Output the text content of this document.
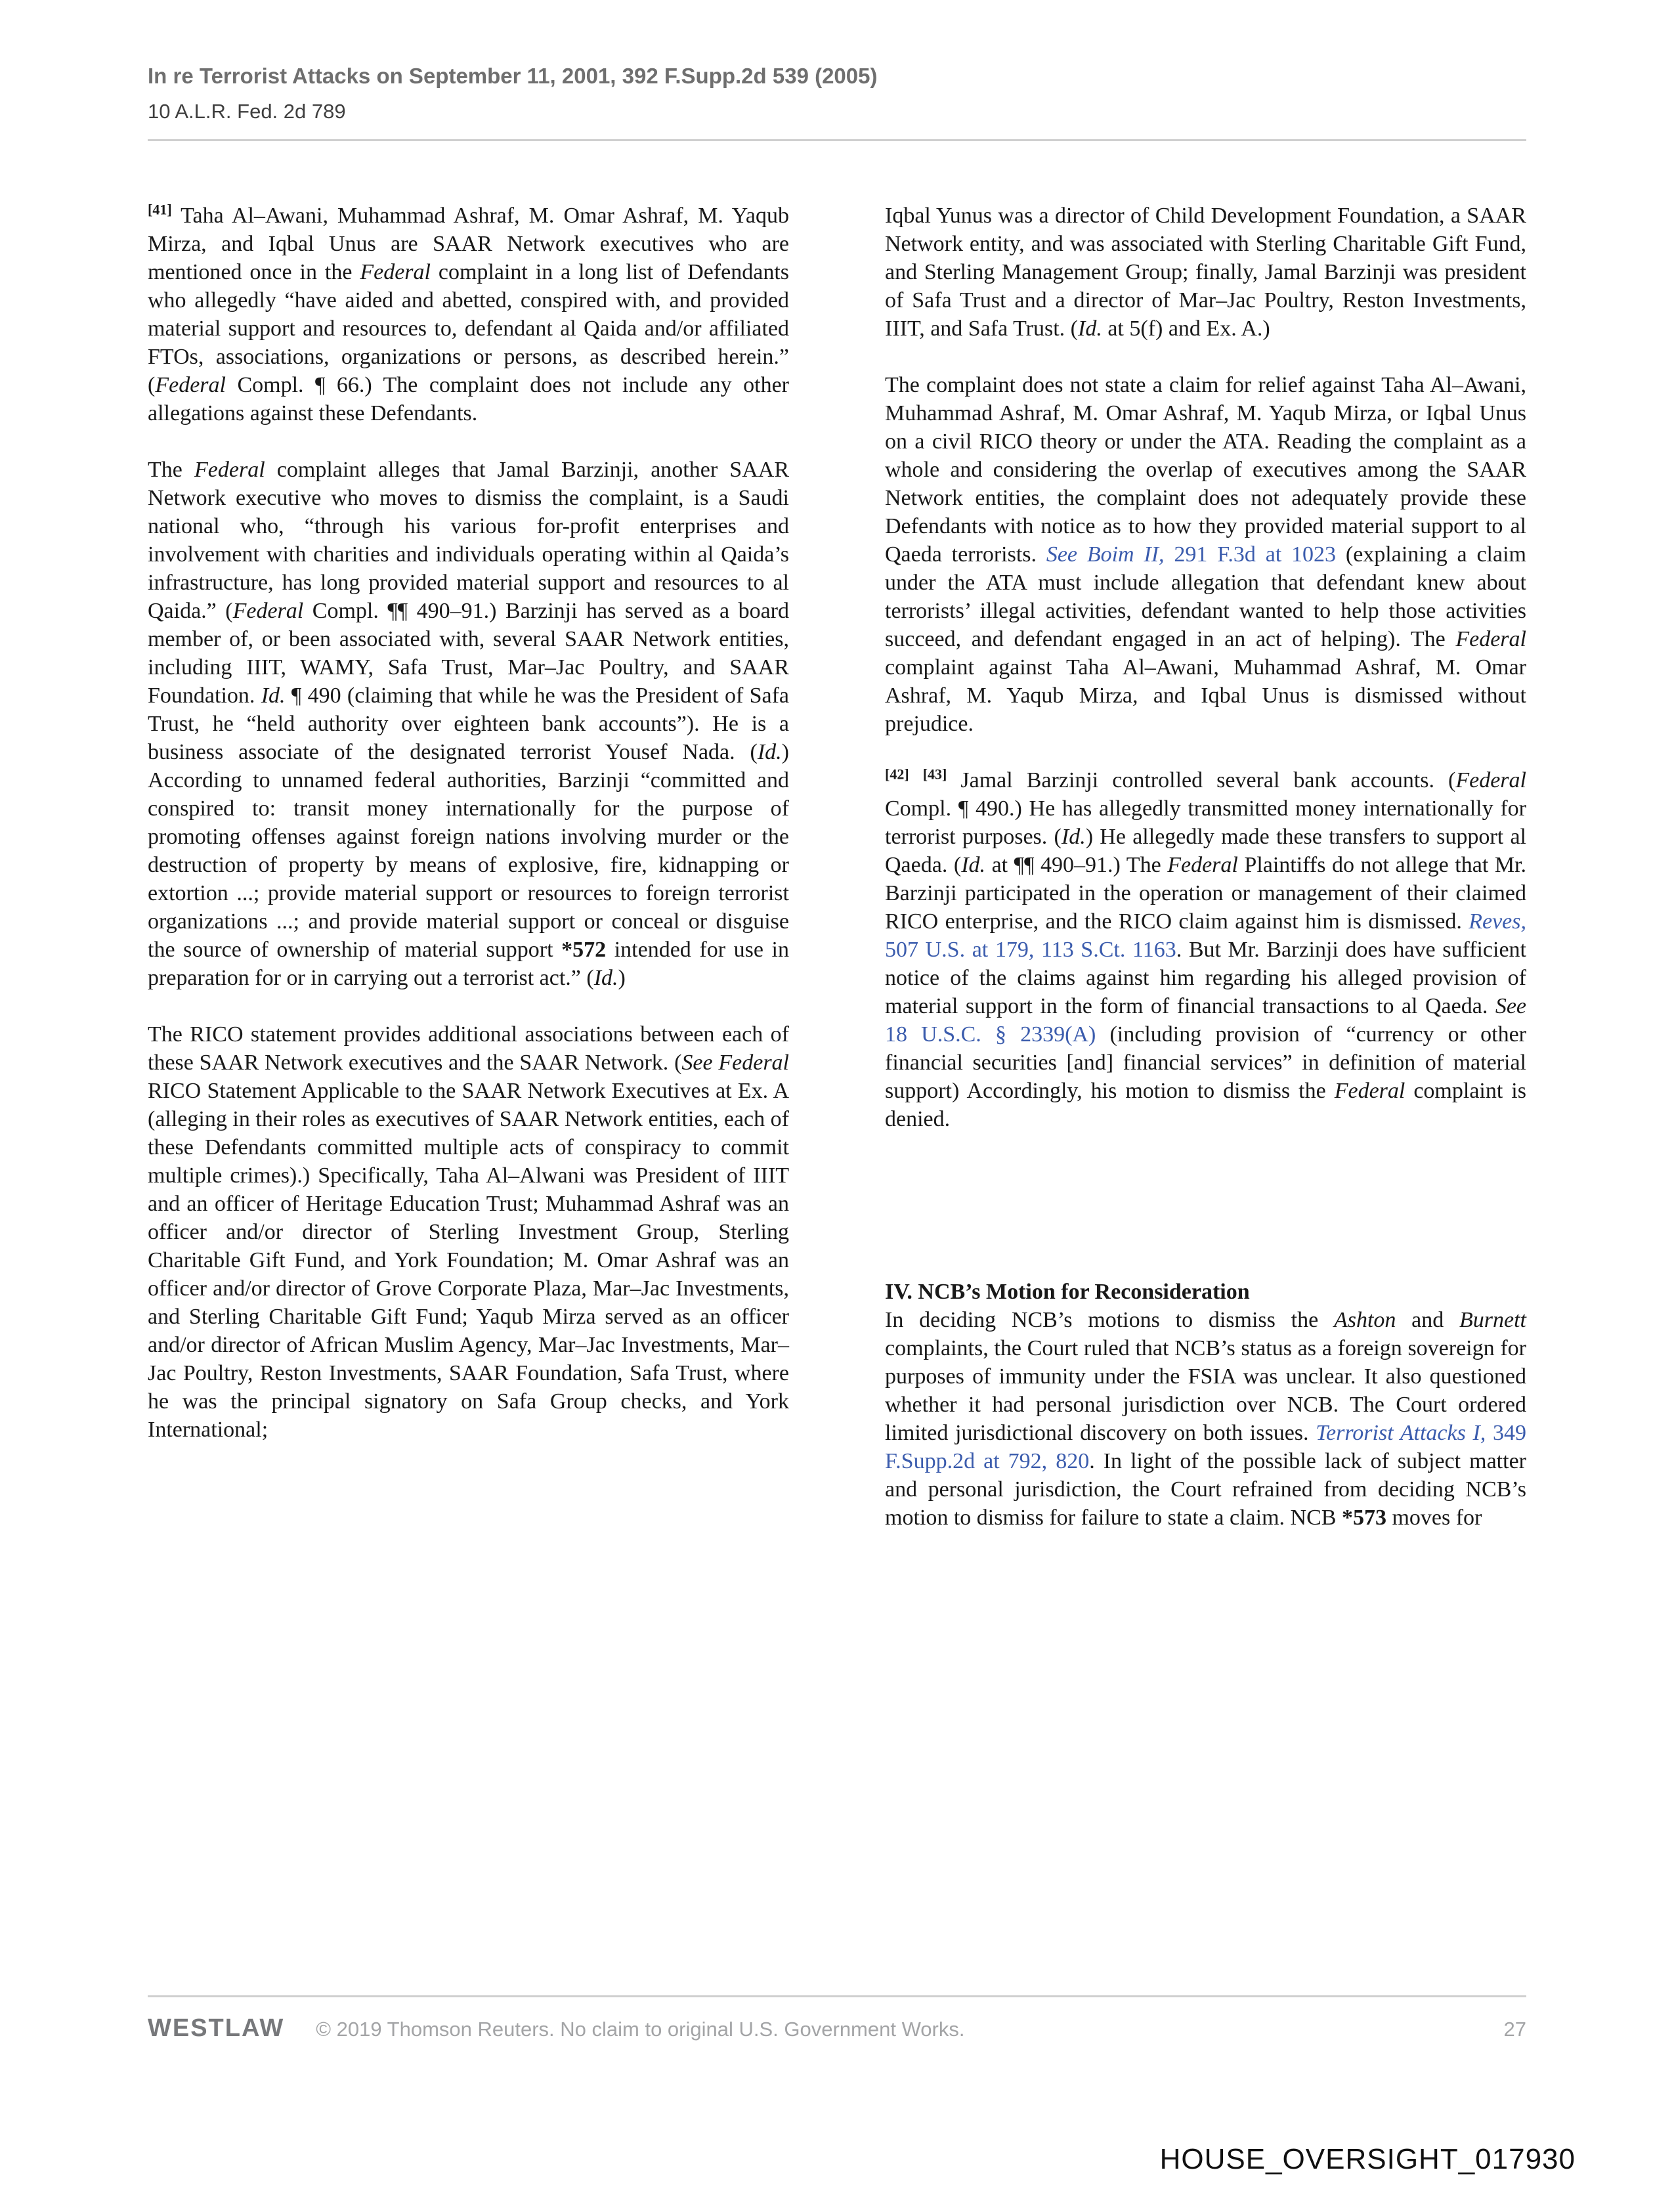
In re Terrorist Attacks on September 11, 2001, 392 F.Supp.2d 539 (2005)
10 A.L.R. Fed. 2d 789

[41] Taha Al–Awani, Muhammad Ashraf, M. Omar Ashraf, M. Yaqub Mirza, and Iqbal Unus are SAAR Network executives who are mentioned once in the Federal complaint in a long list of Defendants who allegedly “have aided and abetted, conspired with, and provided material support and resources to, defendant al Qaida and/or affiliated FTOs, associations, organizations or persons, as described herein.” (Federal Compl. ¶ 66.) The complaint does not include any other allegations against these Defendants.

The Federal complaint alleges that Jamal Barzinji, another SAAR Network executive who moves to dismiss the complaint, is a Saudi national who, “through his various for-profit enterprises and involvement with charities and individuals operating within al Qaida’s infrastructure, has long provided material support and resources to al Qaida.” (Federal Compl. ¶¶ 490–91.) Barzinji has served as a board member of, or been associated with, several SAAR Network entities, including IIIT, WAMY, Safa Trust, Mar–Jac Poultry, and SAAR Foundation. Id. ¶ 490 (claiming that while he was the President of Safa Trust, he “held authority over eighteen bank accounts”). He is a business associate of the designated terrorist Yousef Nada. (Id.) According to unnamed federal authorities, Barzinji “committed and conspired to: transit money internationally for the purpose of promoting offenses against foreign nations involving murder or the destruction of property by means of explosive, fire, kidnapping or extortion ...; provide material support or resources to foreign terrorist organizations ...; and provide material support or conceal or disguise the source of ownership of material support *572 intended for use in preparation for or in carrying out a terrorist act.” (Id.)

The RICO statement provides additional associations between each of these SAAR Network executives and the SAAR Network. (See Federal RICO Statement Applicable to the SAAR Network Executives at Ex. A (alleging in their roles as executives of SAAR Network entities, each of these Defendants committed multiple acts of conspiracy to commit multiple crimes).) Specifically, Taha Al–Alwani was President of IIIT and an officer of Heritage Education Trust; Muhammad Ashraf was an officer and/or director of Sterling Investment Group, Sterling Charitable Gift Fund, and York Foundation; M. Omar Ashraf was an officer and/or director of Grove Corporate Plaza, Mar–Jac Investments, and Sterling Charitable Gift Fund; Yaqub Mirza served as an officer and/or director of African Muslim Agency, Mar–Jac Investments, Mar–Jac Poultry, Reston Investments, SAAR Foundation, Safa Trust, where he was the principal signatory on Safa Group checks, and York International;

Iqbal Yunus was a director of Child Development Foundation, a SAAR Network entity, and was associated with Sterling Charitable Gift Fund, and Sterling Management Group; finally, Jamal Barzinji was president of Safa Trust and a director of Mar–Jac Poultry, Reston Investments, IIIT, and Safa Trust. (Id. at 5(f) and Ex. A.)

The complaint does not state a claim for relief against Taha Al–Awani, Muhammad Ashraf, M. Omar Ashraf, M. Yaqub Mirza, or Iqbal Unus on a civil RICO theory or under the ATA. Reading the complaint as a whole and considering the overlap of executives among the SAAR Network entities, the complaint does not adequately provide these Defendants with notice as to how they provided material support to al Qaeda terrorists. See Boim II, 291 F.3d at 1023 (explaining a claim under the ATA must include allegation that defendant knew about terrorists’ illegal activities, defendant wanted to help those activities succeed, and defendant engaged in an act of helping). The Federal complaint against Taha Al–Awani, Muhammad Ashraf, M. Omar Ashraf, M. Yaqub Mirza, and Iqbal Unus is dismissed without prejudice.

[42] [43] Jamal Barzinji controlled several bank accounts. (Federal Compl. ¶ 490.) He has allegedly transmitted money internationally for terrorist purposes. (Id.) He allegedly made these transfers to support al Qaeda. (Id. at ¶¶ 490–91.) The Federal Plaintiffs do not allege that Mr. Barzinji participated in the operation or management of their claimed RICO enterprise, and the RICO claim against him is dismissed. Reves, 507 U.S. at 179, 113 S.Ct. 1163. But Mr. Barzinji does have sufficient notice of the claims against him regarding his alleged provision of material support in the form of financial transactions to al Qaeda. See 18 U.S.C. § 2339(A) (including provision of “currency or other financial securities [and] financial services” in definition of material support) Accordingly, his motion to dismiss the Federal complaint is denied.

IV. NCB’s Motion for Reconsideration

In deciding NCB’s motions to dismiss the Ashton and Burnett complaints, the Court ruled that NCB’s status as a foreign sovereign for purposes of immunity under the FSIA was unclear. It also questioned whether it had personal jurisdiction over NCB. The Court ordered limited jurisdictional discovery on both issues. Terrorist Attacks I, 349 F.Supp.2d at 792, 820. In light of the possible lack of subject matter and personal jurisdiction, the Court refrained from deciding NCB’s motion to dismiss for failure to state a claim. NCB *573 moves for

WESTLAW © 2019 Thomson Reuters. No claim to original U.S. Government Works.	27
HOUSE_OVERSIGHT_017930
